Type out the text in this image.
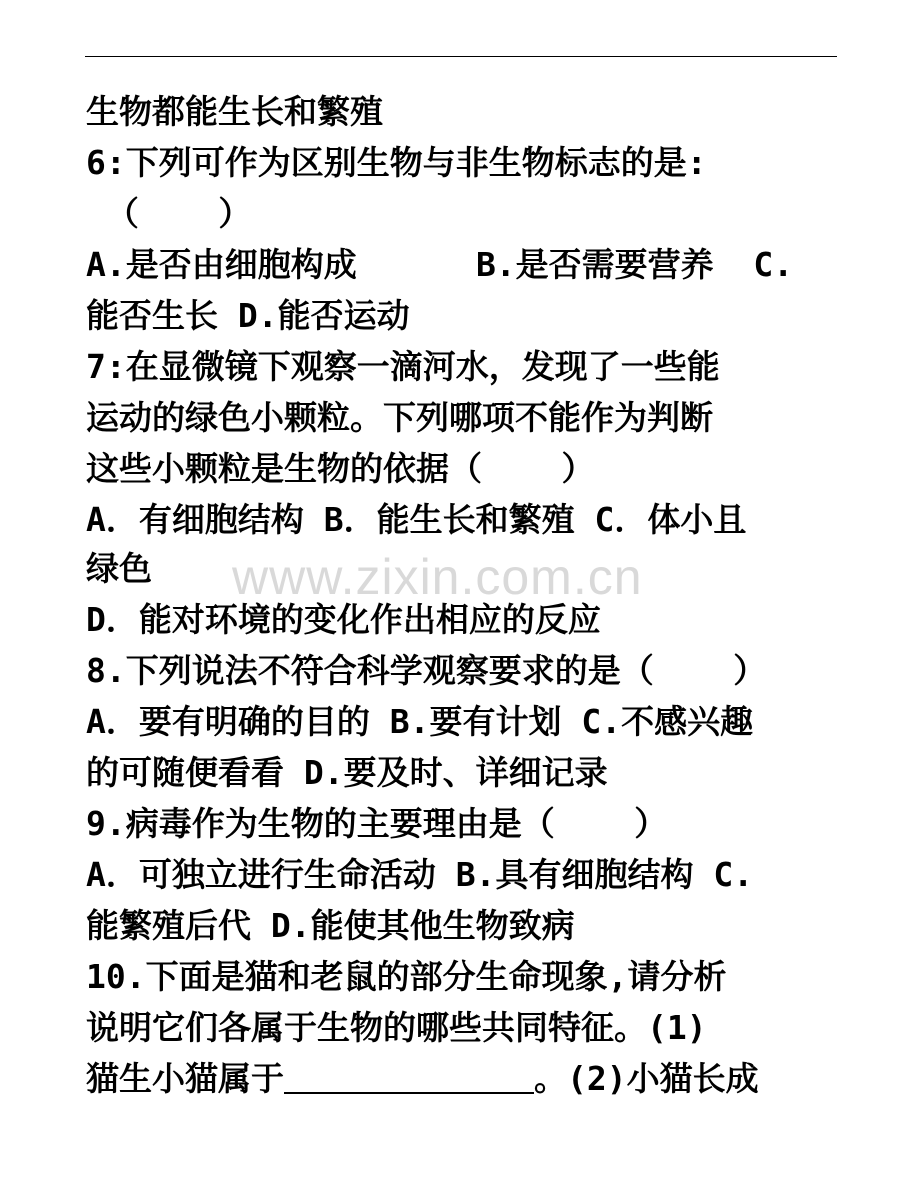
www.zixin.com.cn
生物都能生长和繁殖
6:下列可作为区别生物与非生物标志的是:
（    ）
A.是否由细胞构成      B.是否需要营养  C.
能否生长 D.能否运动
7:在显微镜下观察一滴河水，发现了一些能
运动的绿色小颗粒。下列哪项不能作为判断
这些小颗粒是生物的依据（    ）
A．有细胞结构 B．能生长和繁殖 C．体小且
绿色
D．能对环境的变化作出相应的反应
8.下列说法不符合科学观察要求的是（    ）
A．要有明确的目的 B.要有计划 C.不感兴趣
的可随便看看 D.要及时、详细记录
9.病毒作为生物的主要理由是（    ）
A．可独立进行生命活动 B.具有细胞结构 C.
能繁殖后代 D.能使其他生物致病
10.下面是猫和老鼠的部分生命现象,请分析
说明它们各属于生物的哪些共同特征。(1)
猫生小猫属于	。(2)小猫长成
